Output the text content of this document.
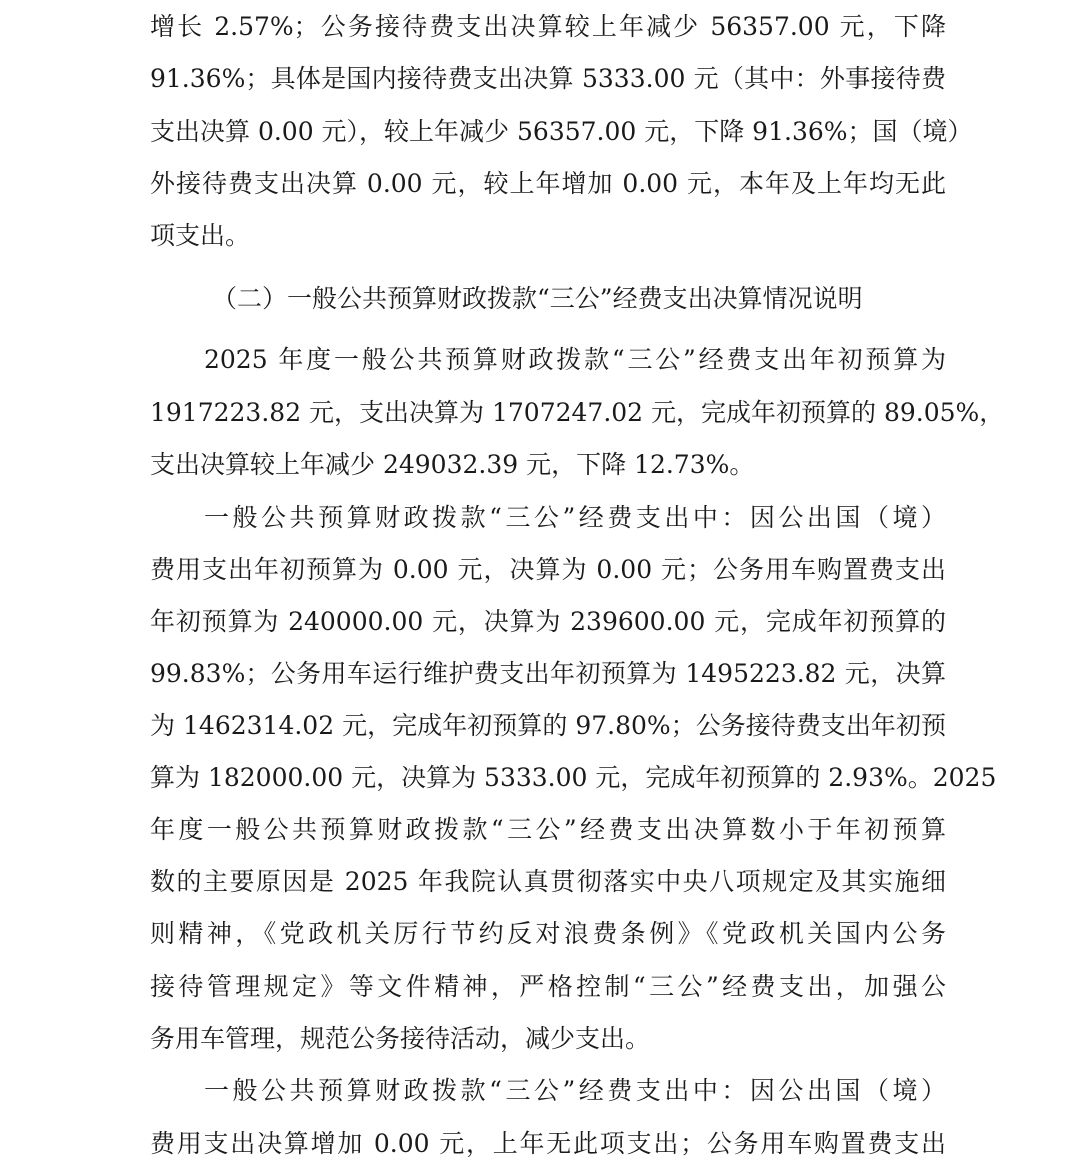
增长 2.57%；公务接待费支出决算较上年减少 56357.00 元，下降
91.36%；具体是国内接待费支出决算 5333.00 元（其中：外事接待费
支出决算 0.00 元），较上年减少 56357.00 元，下降 91.36%；国（境）
外接待费支出决算 0.00 元，较上年增加 0.00 元，本年及上年均无此
项支出。
（二）一般公共预算财政拨款“三公”经费支出决算情况说明
2025 年度一般公共预算财政拨款“三公”经费支出年初预算为
1917223.82 元，支出决算为 1707247.02 元，完成年初预算的 89.05%，
支出决算较上年减少 249032.39 元，下降 12.73%。
一般公共预算财政拨款“三公”经费支出中：因公出国（境）
费用支出年初预算为 0.00 元，决算为 0.00 元；公务用车购置费支出
年初预算为 240000.00 元，决算为 239600.00 元，完成年初预算的
99.83%；公务用车运行维护费支出年初预算为 1495223.82 元，决算
为 1462314.02 元，完成年初预算的 97.80%；公务接待费支出年初预
算为 182000.00 元，决算为 5333.00 元，完成年初预算的 2.93%。2025
年度一般公共预算财政拨款“三公”经费支出决算数小于年初预算
数的主要原因是 2025 年我院认真贯彻落实中央八项规定及其实施细
则精神，《党政机关厉行节约反对浪费条例》《党政机关国内公务
接待管理规定》等文件精神，严格控制“三公”经费支出，加强公
务用车管理，规范公务接待活动，减少支出。
一般公共预算财政拨款“三公”经费支出中：因公出国（境）
费用支出决算增加 0.00 元，上年无此项支出；公务用车购置费支出
